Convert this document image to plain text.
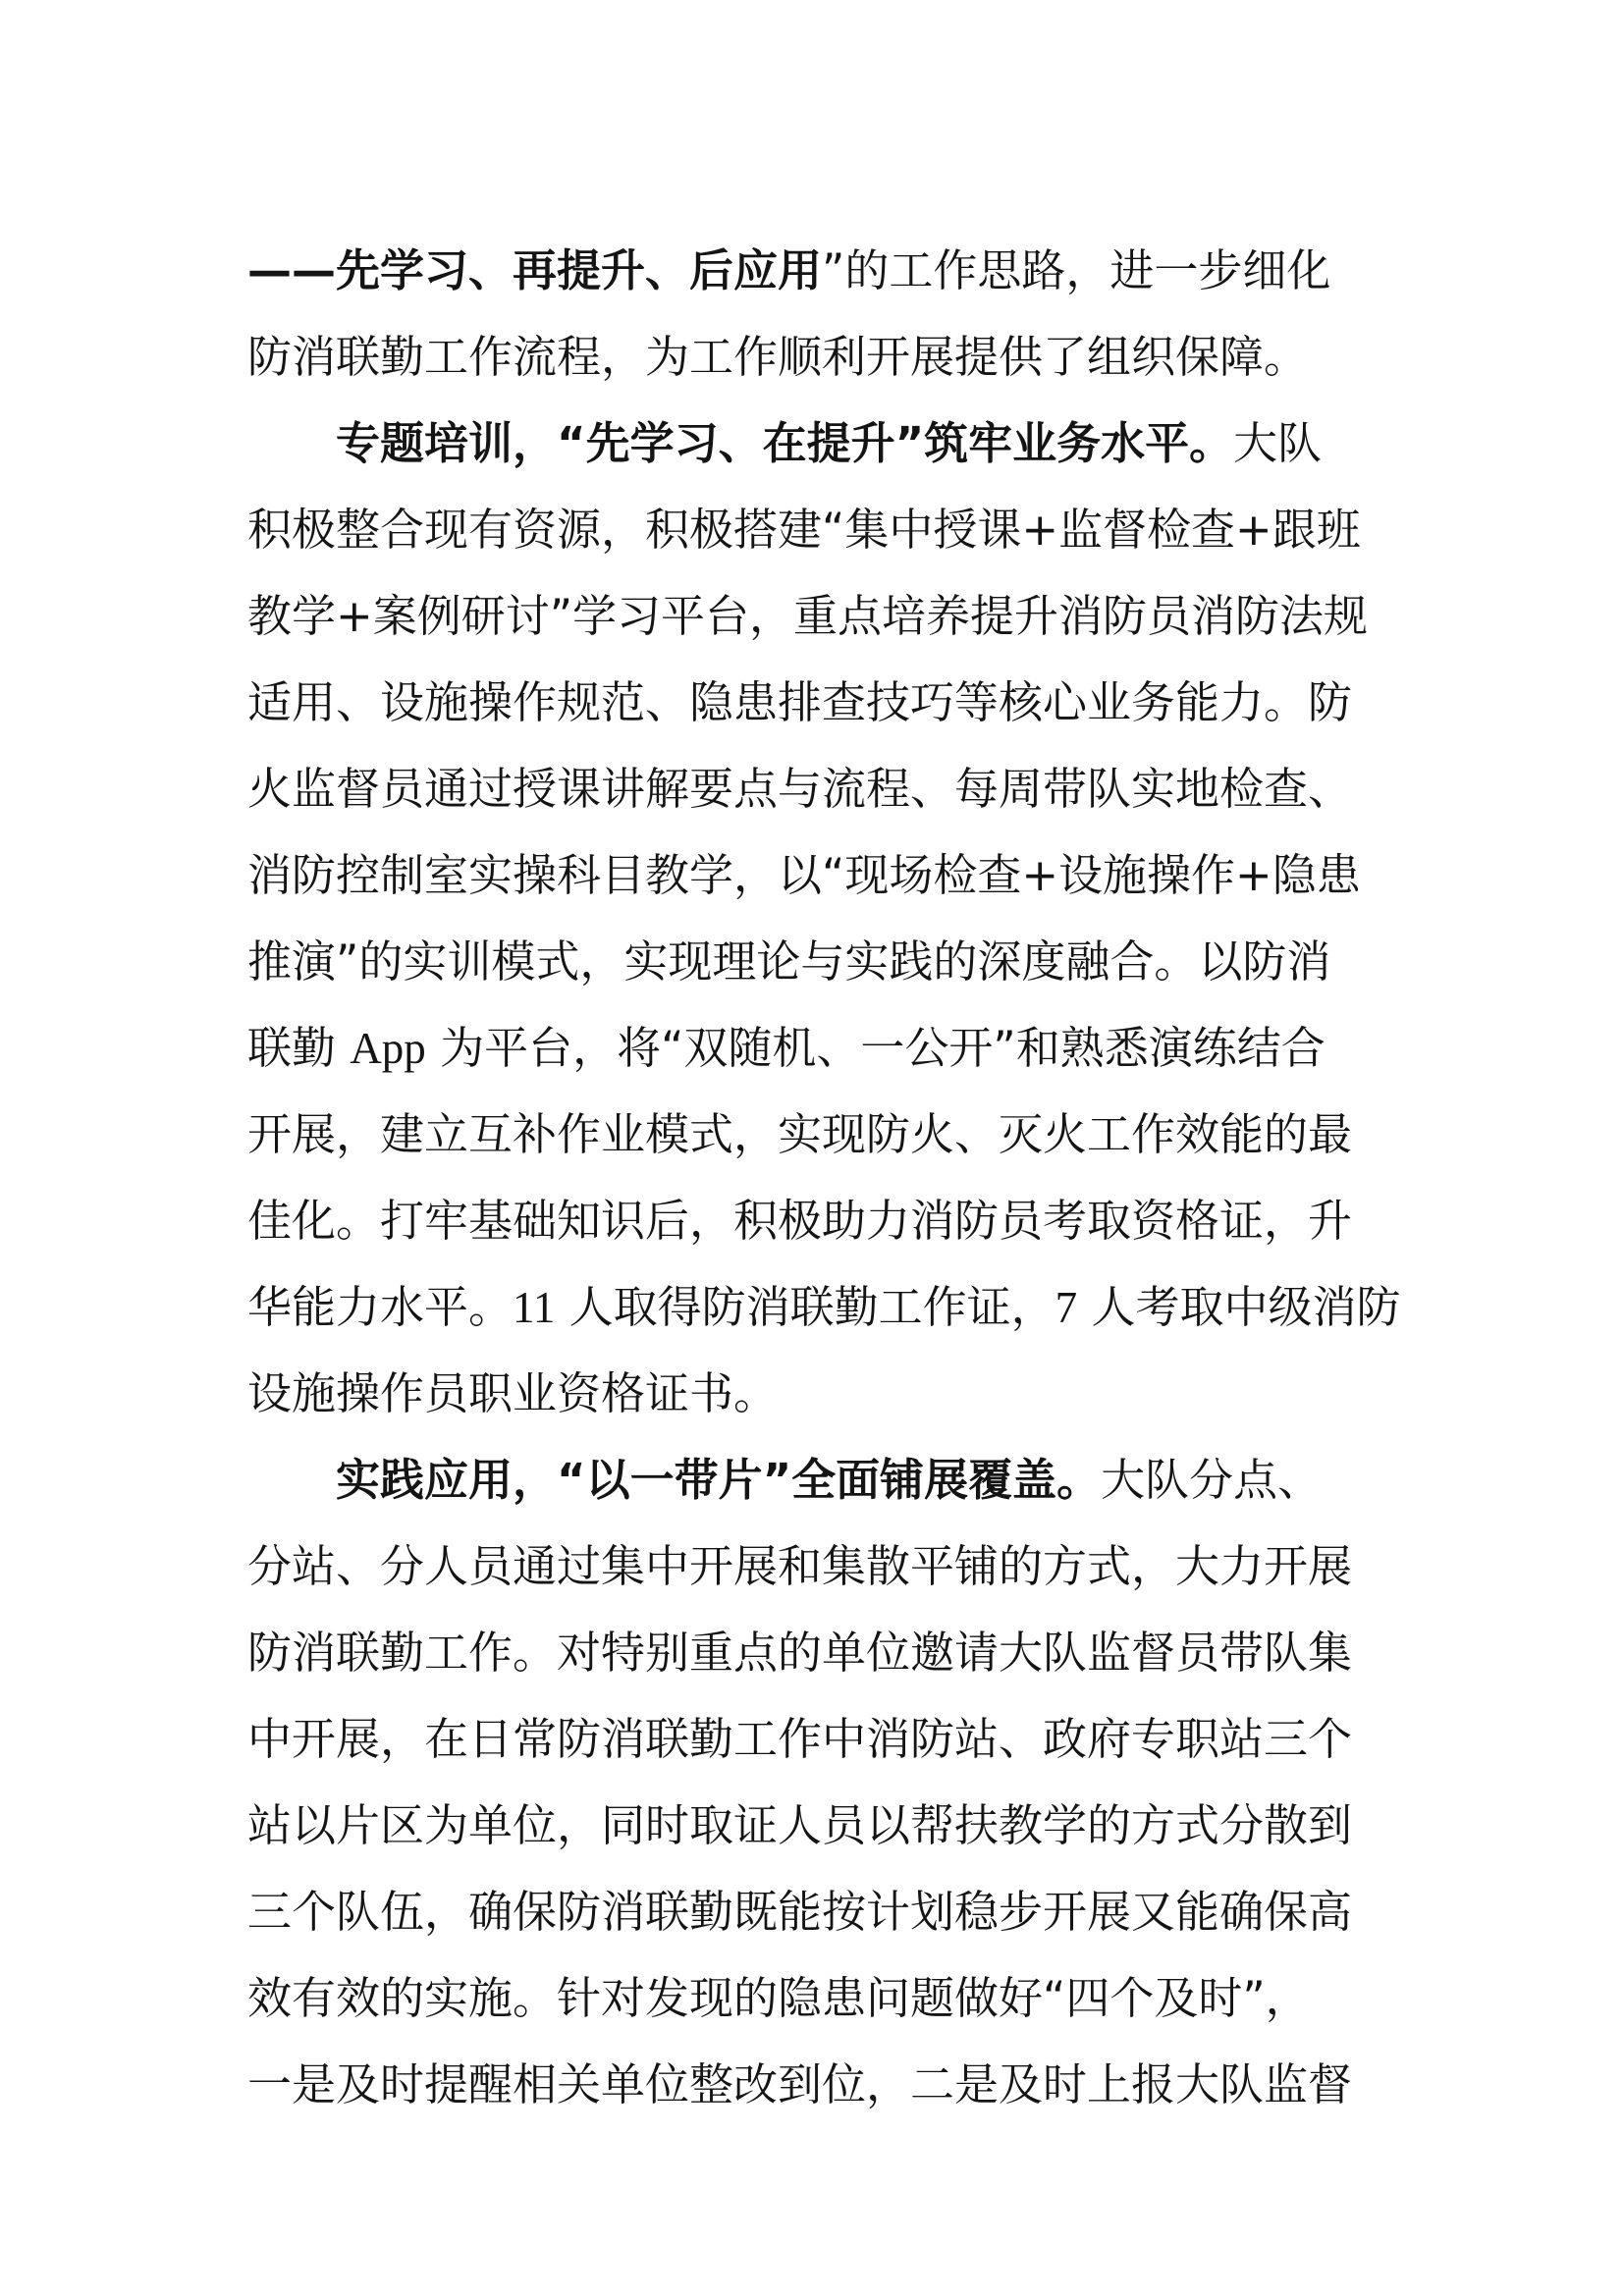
——先学习、再提升、后应用”的工作思路，进一步细化
防消联勤工作流程，为工作顺利开展提供了组织保障。
专题培训，“先学习、在提升”筑牢业务水平。大队
积极整合现有资源，积极搭建“集中授课+监督检查+跟班
教学+案例研讨”学习平台，重点培养提升消防员消防法规
适用、设施操作规范、隐患排查技巧等核心业务能力。防
火监督员通过授课讲解要点与流程、每周带队实地检查、
消防控制室实操科目教学，以“现场检查+设施操作+隐患
推演”的实训模式，实现理论与实践的深度融合。以防消
联勤 App 为平台，将“双随机、一公开”和熟悉演练结合
开展，建立互补作业模式，实现防火、灭火工作效能的最
佳化。打牢基础知识后，积极助力消防员考取资格证，升
华能力水平。11 人取得防消联勤工作证，7 人考取中级消防
设施操作员职业资格证书。
实践应用，“以一带片”全面铺展覆盖。大队分点、
分站、分人员通过集中开展和集散平铺的方式，大力开展
防消联勤工作。对特别重点的单位邀请大队监督员带队集
中开展，在日常防消联勤工作中消防站、政府专职站三个
站以片区为单位，同时取证人员以帮扶教学的方式分散到
三个队伍，确保防消联勤既能按计划稳步开展又能确保高
效有效的实施。针对发现的隐患问题做好“四个及时”，
一是及时提醒相关单位整改到位，二是及时上报大队监督
